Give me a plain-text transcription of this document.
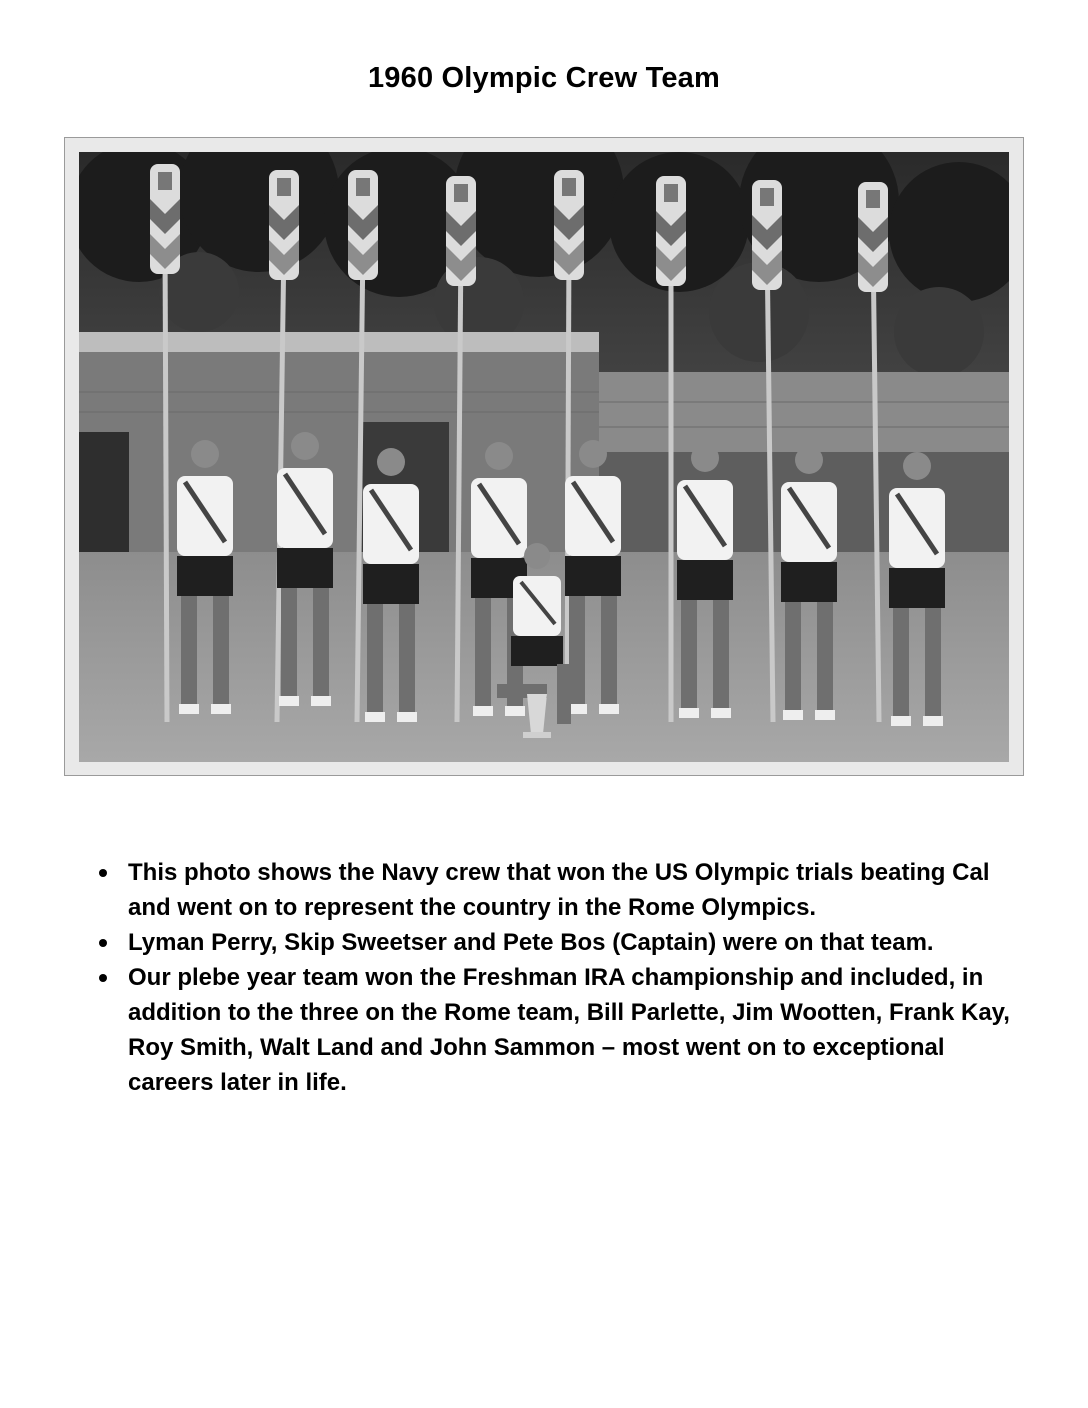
1960 Olympic Crew Team
This photo shows the Navy crew that won the US Olympic trials beating Cal and went on to represent the country in the Rome Olympics.
Lyman Perry, Skip Sweetser and Pete Bos (Captain) were on that team.
Our plebe year team won the Freshman IRA championship and included, in addition to the three on the Rome team, Bill Parlette, Jim Wootten, Frank Kay, Roy Smith, Walt Land and John Sammon – most went on to exceptional careers later in life.
